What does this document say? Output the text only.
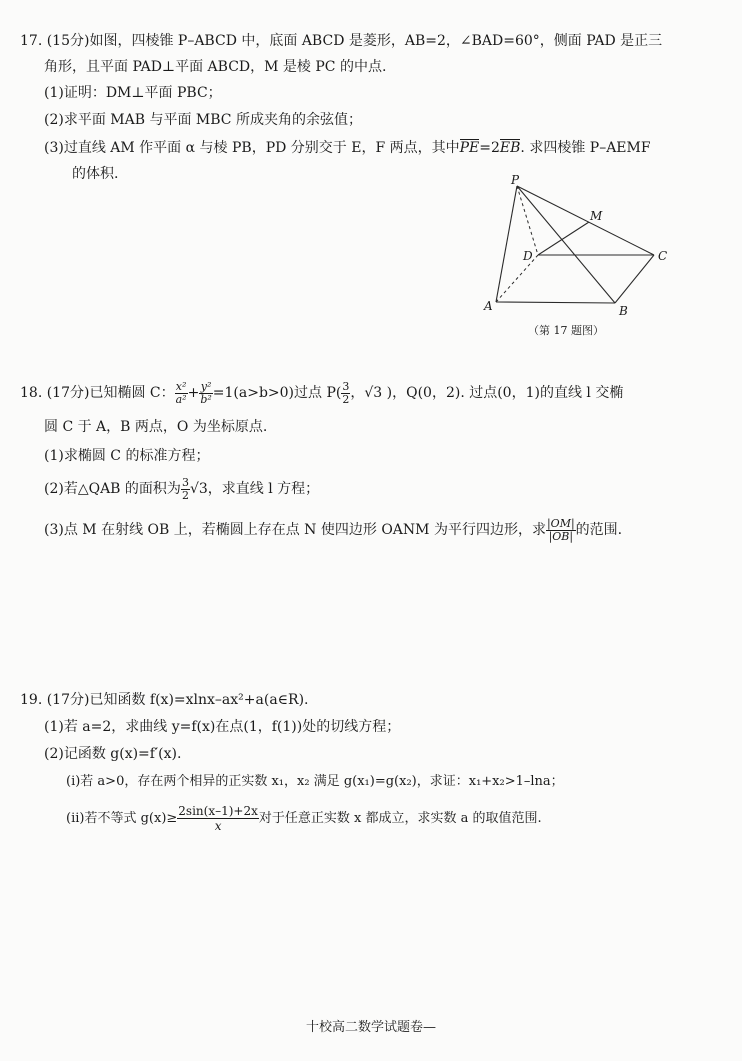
17. (15分)如图，四棱锥 P–ABCD 中，底面 ABCD 是菱形，AB=2，∠BAD=60°，侧面 PAD 是正三
角形，且平面 PAD⊥平面 ABCD，M 是棱 PC 的中点.
(1)证明：DM⊥平面 PBC；
(2)求平面 MAB 与平面 MBC 所成夹角的余弦值；
(3)过直线 AM 作平面 α 与棱 PB，PD 分别交于 E，F 两点，其中
PE=2
EB. 求四棱锥 P–AEMF
的体积.	P
M
D	C
A	B
（第 17 题图）
18. (17分)已知椭圆 C： $\frac{\text{x²}}{\text{a²}} + \frac{\text{y²}}{\text{b²}} =1(a>b>0)$过点 $P( \frac{3}{2}$ ，√3 )，Q(0，2). 过点(0，1)的直线 l 交椭
圆 C 于 A，B 两点，O 为坐标原点.
(1)求椭圆 C 的标准方程；
(2)若△QAB 的面积为 $\frac{3}{2} √3$，求直线 l 方程；
(3)点 M 在射线 OB 上，若椭圆上存在点 N 使四边形 OANM 为平行四边形，求 $\frac{|OM|}{|OB|}$ 的范围.
19. (17分)已知函数 f(x)=xlnx–ax²+a(a∈R).
(1)若 a=2，求曲线 y=f(x)在点(1，f(1))处的切线方程；
(2)记函数 g(x)=f′(x).
(i)若 a>0，存在两个相异的正实数 x₁，x₂ 满足 g(x₁)=g(x₂)，求证：x₁+x₂>1–lna；
(ii)若不等式 $g(x)\ge \frac{2\sin(x-1)+2x}{x}$ 对于任意正实数 x 都成立，求实数 a 的取值范围.
十校高二数学试题卷—
